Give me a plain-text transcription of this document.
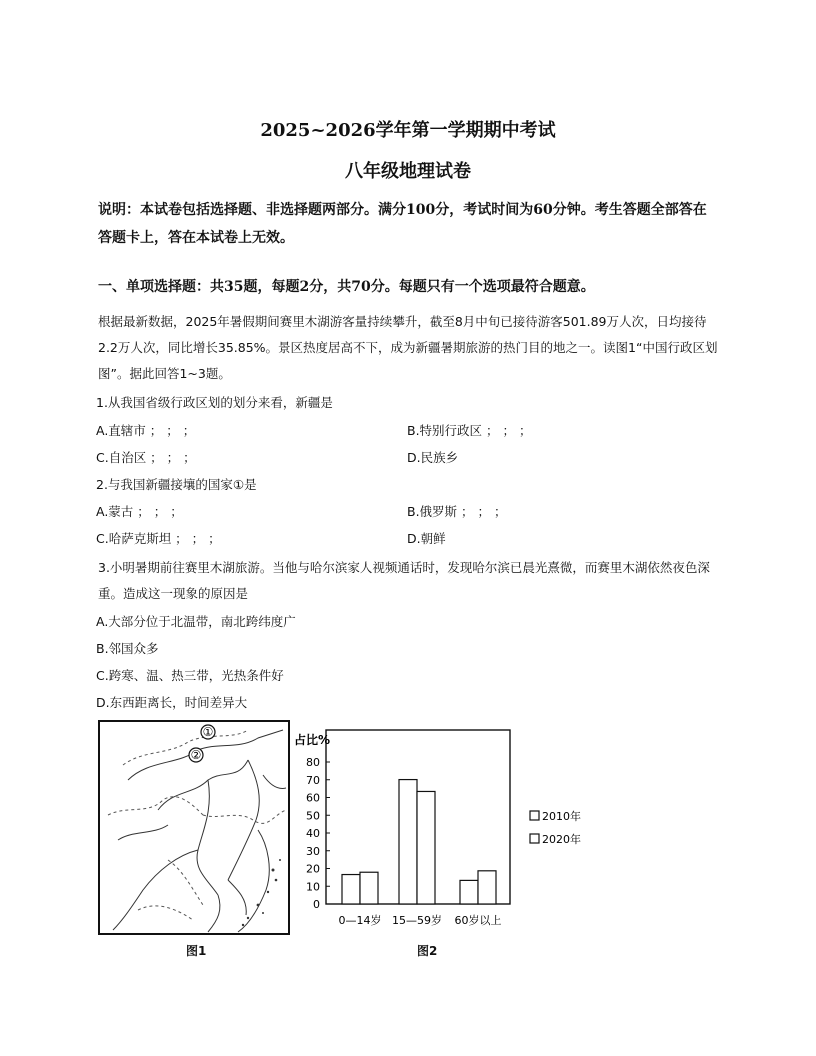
2025~2026学年第一学期期中考试
八年级地理试卷
说明：本试卷包括选择题、非选择题两部分。满分100分，考试时间为60分钟。考生答题全部答在答题卡上，答在本试卷上无效。
一、单项选择题：共35题，每题2分，共70分。每题只有一个选项最符合题意。
根据最新数据，2025年暑假期间赛里木湖游客量持续攀升，截至8月中旬已接待游客501.89万人次，日均接待2.2万人次，同比增长35.85%。景区热度居高不下，成为新疆暑期旅游的热门目的地之一。读图1“中国行政区划图”。据此回答1~3题。
1.从我国省级行政区划的划分来看，新疆是
A.直辖市 ； ； ；	B.特别行政区 ； ； ；
C.自治区 ； ； ；	D.民族乡
2.与我国新疆接壤的国家①是
A.蒙古 ； ； ；	B.俄罗斯 ； ； ；
C.哈萨克斯坦 ； ； ；	D.朝鲜
3.小明暑期前往赛里木湖旅游。当他与哈尔滨家人视频通话时，发现哈尔滨已晨光熹微，而赛里木湖依然夜色深重。造成这一现象的原因是
A.大部分位于北温带，南北跨纬度广
B.邻国众多
C.跨寒、温、热三带，光热条件好
D.东西距离长，时间差异大
①
②
图1
占比%
0
10
20
30
40
50
60
70
80
0—14岁 15—59岁 60岁以上
2010年
2020年
图2
